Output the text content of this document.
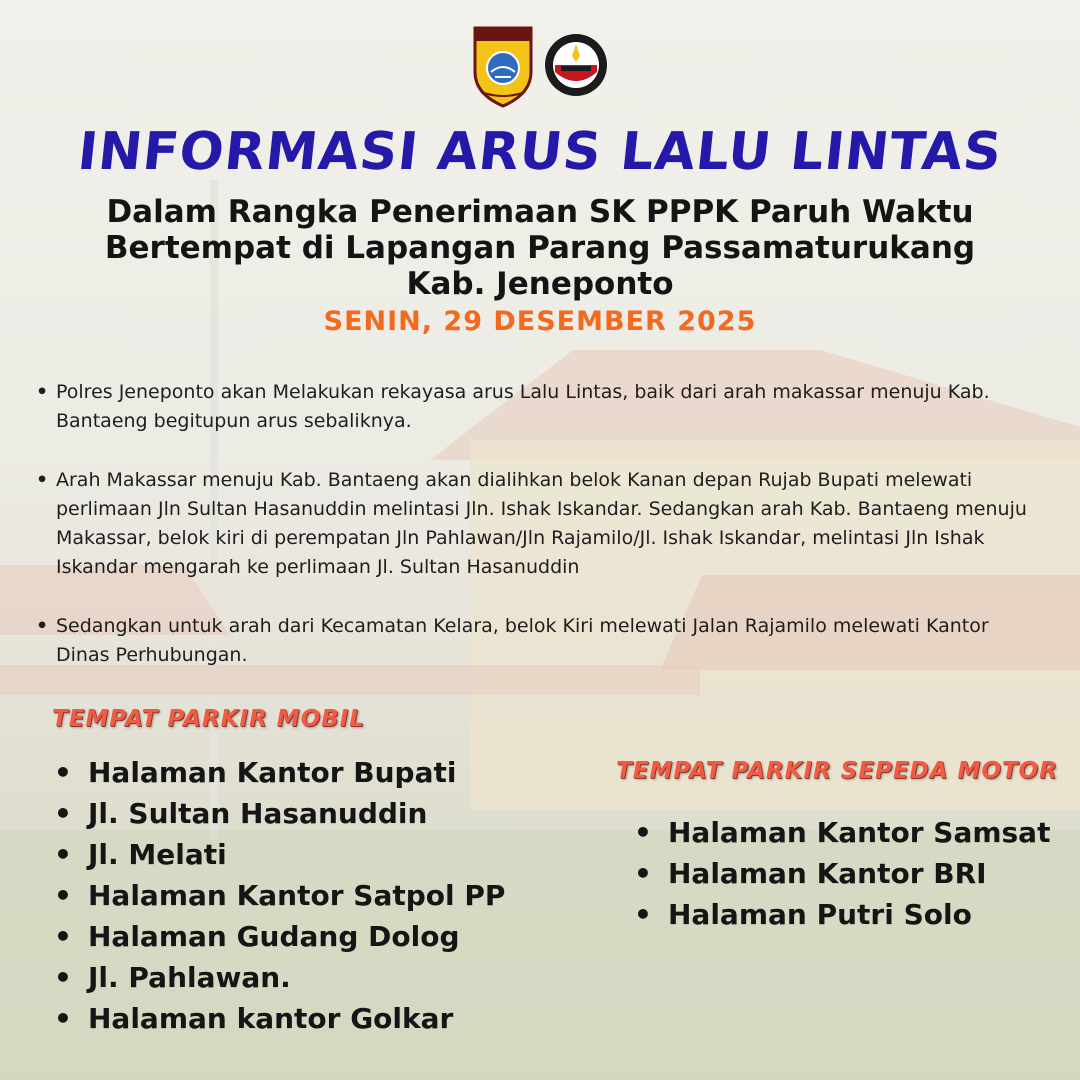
INFORMASI ARUS LALU LINTAS
Dalam Rangka Penerimaan SK PPPK Paruh Waktu
Bertempat di Lapangan Parang Passamaturukang
Kab. Jeneponto

SENIN, 29 DESEMBER 2025

• Polres Jeneponto akan Melakukan rekayasa arus Lalu Lintas, baik dari arah makassar menuju Kab. Bantaeng begitupun arus sebaliknya.
• Arah Makassar menuju Kab. Bantaeng akan dialihkan belok Kanan depan Rujab Bupati melewati perlimaan Jln Sultan Hasanuddin melintasi Jln. Ishak Iskandar. Sedangkan arah Kab. Bantaeng menuju Makassar, belok kiri di perempatan Jln Pahlawan/Jln Rajamilo/Jl. Ishak Iskandar, melintasi Jln Ishak Iskandar mengarah ke perlimaan Jl. Sultan Hasanuddin
• Sedangkan untuk arah dari Kecamatan Kelara, belok Kiri melewati Jalan Rajamilo melewati Kantor Dinas Perhubungan.
TEMPAT PARKIR MOBIL
• Halaman Kantor Bupati
• Jl. Sultan Hasanuddin
• Jl. Melati
• Halaman Kantor Satpol PP
• Halaman Gudang Dolog
• Jl. Pahlawan.
• Halaman kantor Golkar
TEMPAT PARKIR SEPEDA MOTOR
• Halaman Kantor Samsat
• Halaman Kantor BRI
• Halaman Putri Solo
